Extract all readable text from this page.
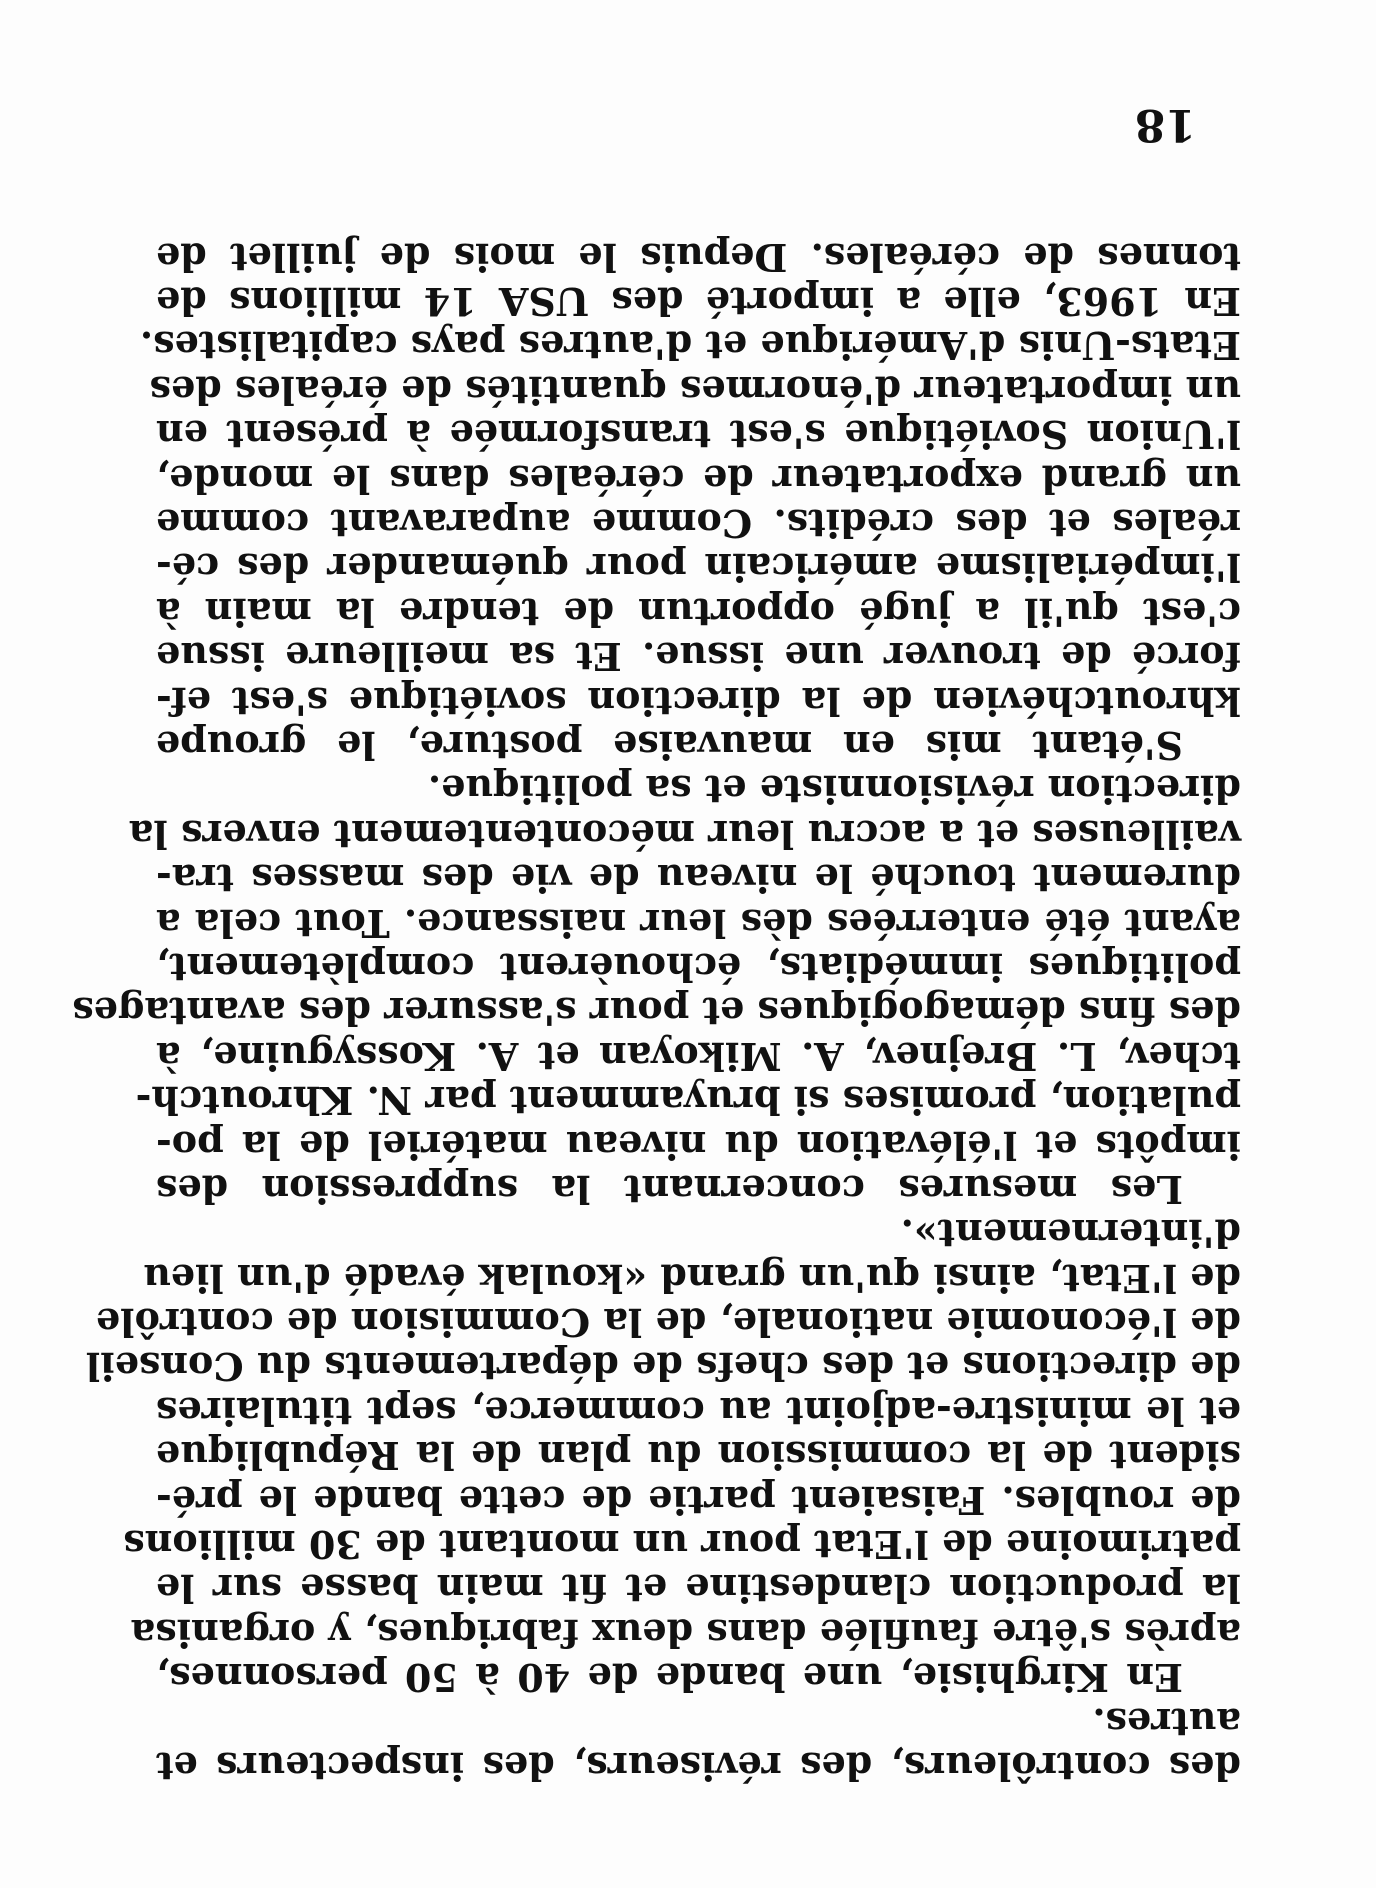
des contrôleurs, des réviseurs, des inspecteurs et
autres.
En Kirghisie, une bande de 40 à 50 personnes,
après s'être faufilée dans deux fabriques, y organisa
la production clandestine et fit main basse sur le
patrimoine de l'Etat pour un montant de 30 millions
de roubles. Faisaient partie de cette bande le pré-
sident de la commission du plan de la République
et le ministre-adjoint au commerce, sept titulaires
de directions et des chefs de départements du Conseil
de l'économie nationale, de la Commision de contrôle
de l'Etat, ainsi qu'un grand «koulak évadé d'un lieu
d'internement».
Les mesures concernant la suppression des
impôts et l'élévation du niveau matériel de la po-
pulation, promises si bruyamment par N. Khroutch-
tchev, L. Brejnev, A. Mikoyan et A. Kossyguine, à
des fins démagogiques et pour s'assurer des avantages
politiques immédiats, échouèrent complètement,
ayant été enterrées dès leur naissance. Tout cela a
durement touché le niveau de vie des masses tra-
vailleuses et a accru leur mécontentement envers la
direction révisionniste et sa politique.
S'étant mis en mauvaise posture, le groupe
khroutchévien de la direction soviétique s'est ef-
forcé de trouver une issue. Et sa meilleure issue
c'est qu'il a jugé opportun de tendre la main à
l'impérialisme américain pour quémander des cé-
réales et des crédits. Comme auparavant comme
un grand exportateur de céréales dans le monde,
l'Union Soviétique s'est transformée à présent en
un importateur d'énormes quantités de éréales des
Etats-Unis d'Amérique et d'autres pays capitalistes.
En 1963, elle a importé des USA 14 millions de
tonnes de céréales. Depuis le mois de juillet de
18
